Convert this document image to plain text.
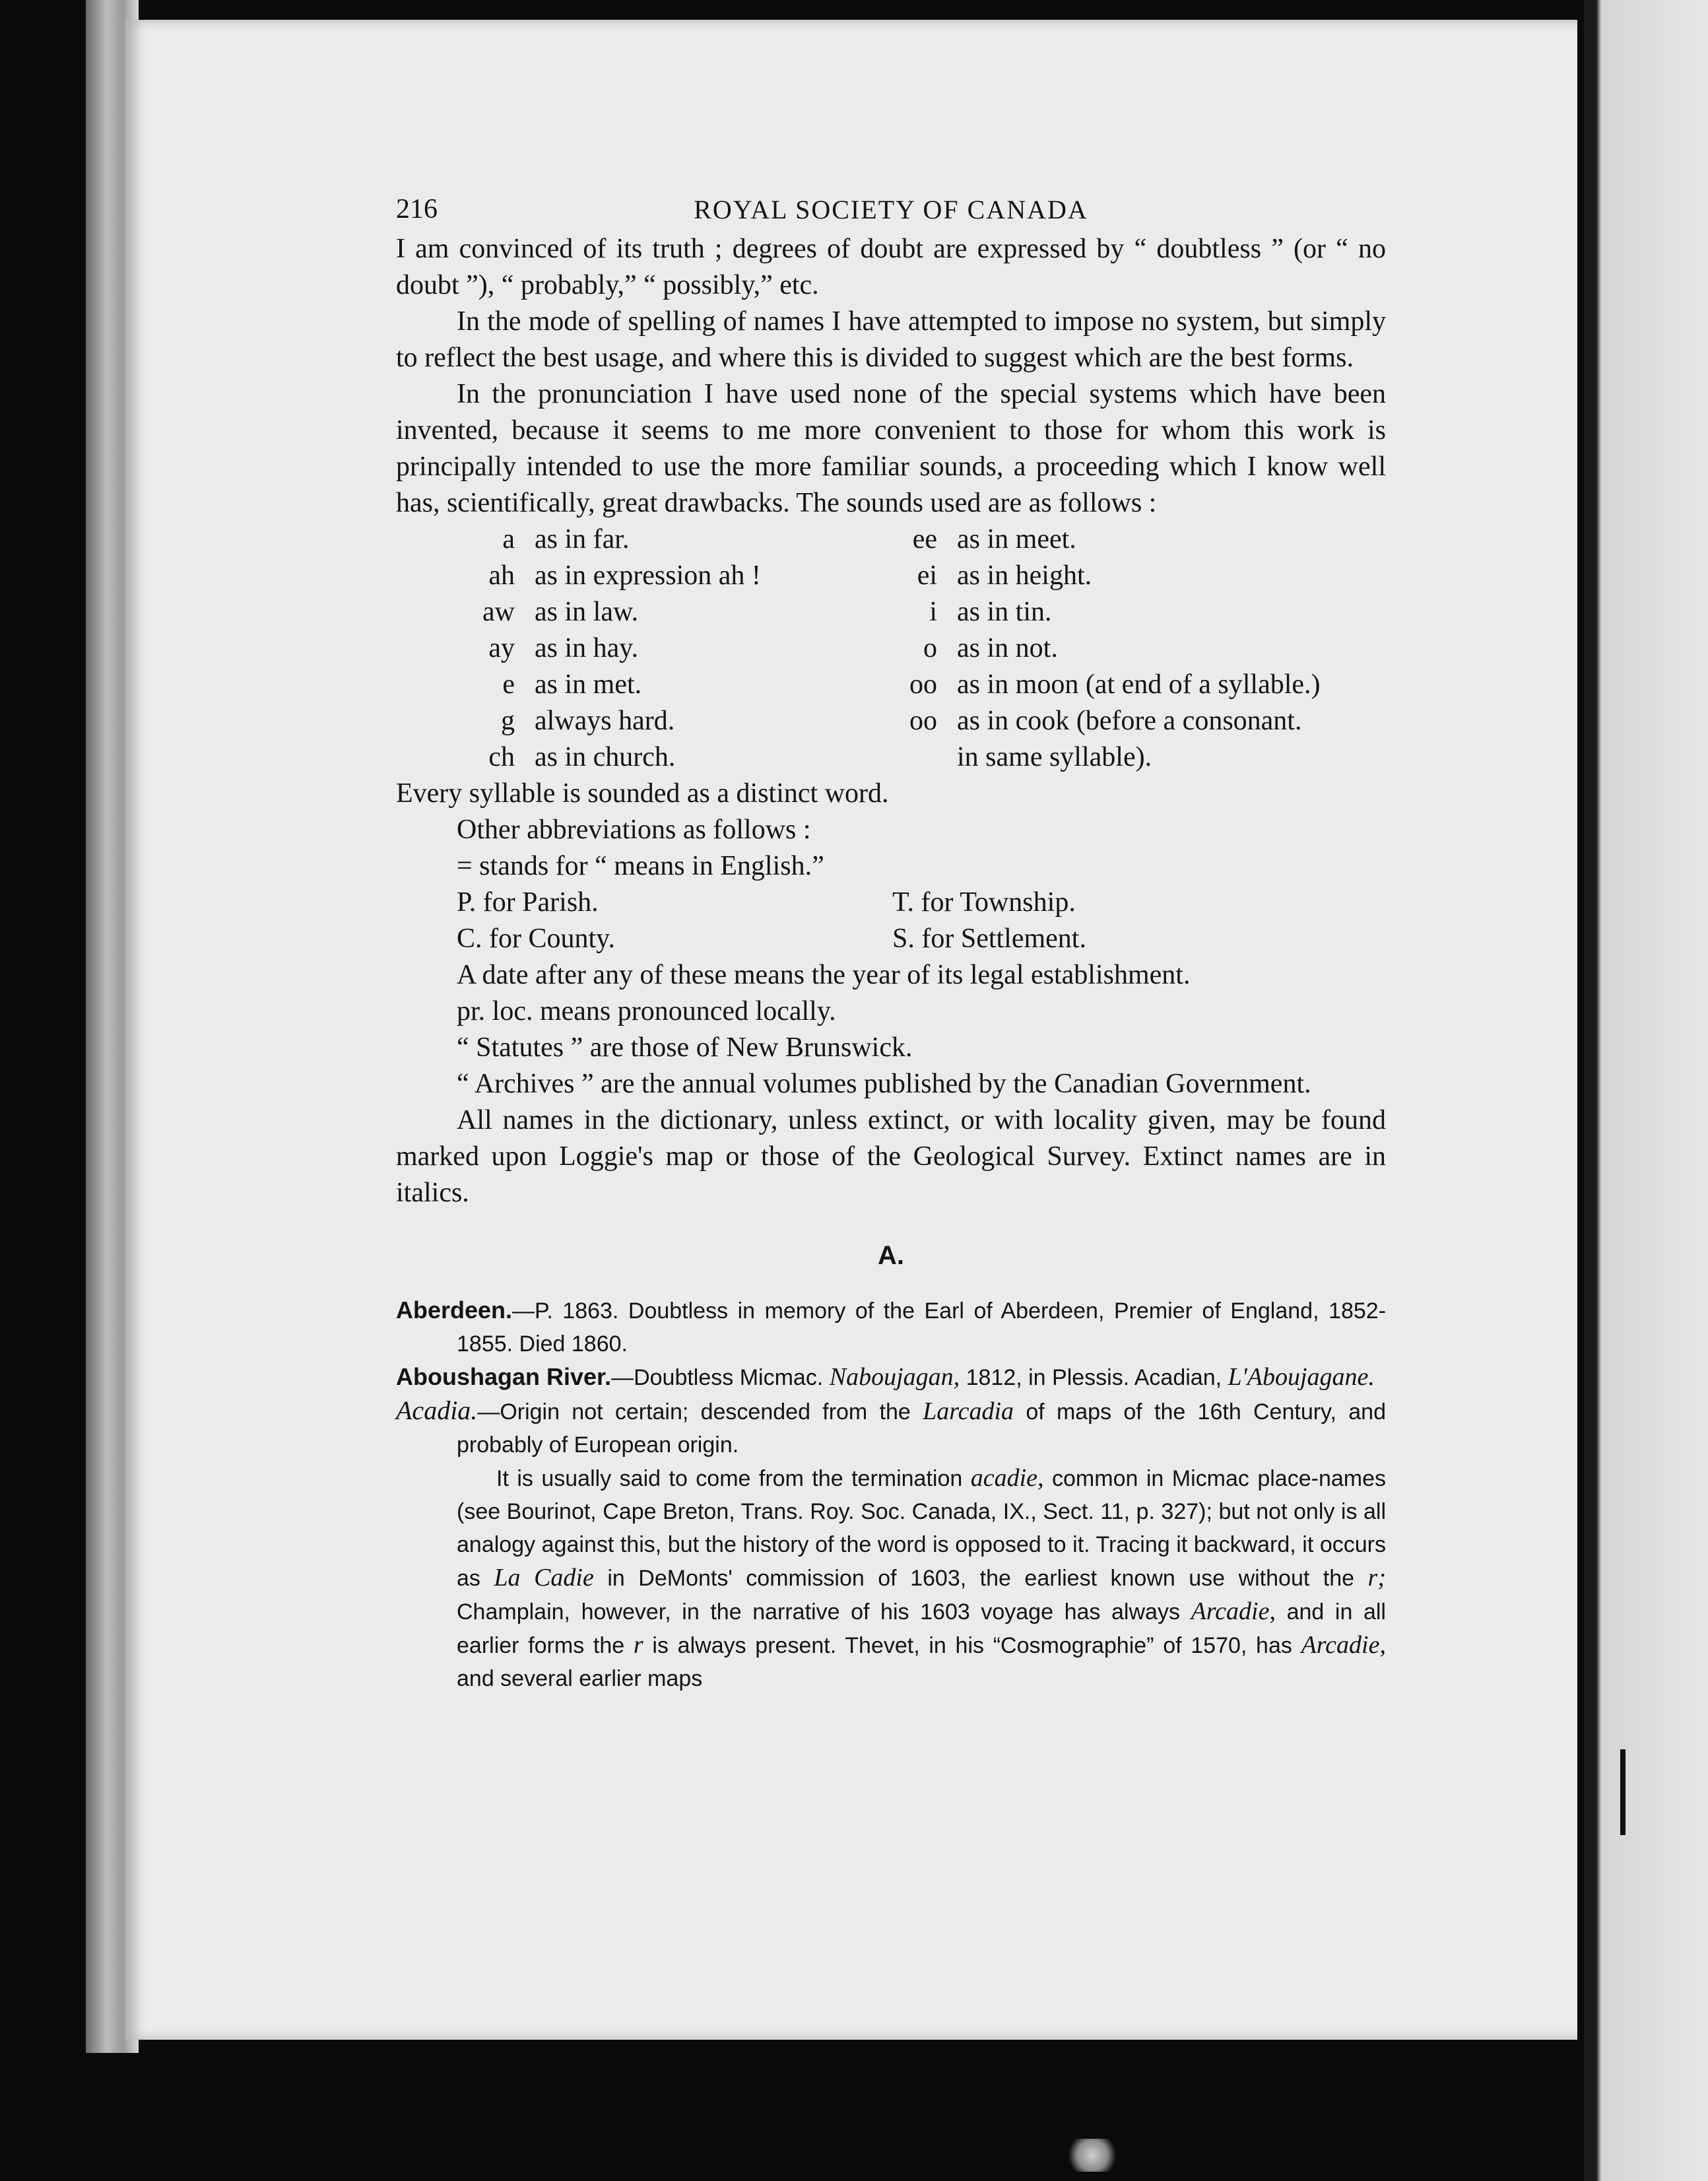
216	ROYAL SOCIETY OF CANADA

I am convinced of its truth ; degrees of doubt are expressed by “ doubtless ” (or “ no doubt ”), “ probably,” “ possibly,” etc.

In the mode of spelling of names I have attempted to impose no system, but simply to reflect the best usage, and where this is divided to suggest which are the best forms.

In the pronunciation I have used none of the special systems which have been invented, because it seems to me more convenient to those for whom this work is principally intended to use the more familiar sounds, a proceeding which I know well has, scientifically, great drawbacks. The sounds used are as follows :

a as in far.	ee as in meet.
ah as in expression ah !	ei as in height.
aw as in law.	i as in tin.
ay as in hay.	o as in not.
e as in met.	oo as in moon (at end of a syllable.)
g always hard.	oo as in cook (before a consonant.
ch as in church.	in same syllable).

Every syllable is sounded as a distinct word.

Other abbreviations as follows :
= stands for “ means in English.”
P. for Parish.	T. for Township.
C. for County.	S. for Settlement.
A date after any of these means the year of its legal establishment.
pr. loc. means pronounced locally.
“ Statutes ” are those of New Brunswick.

“ Archives ” are the annual volumes published by the Canadian Government.

All names in the dictionary, unless extinct, or with locality given, may be found marked upon Loggie's map or those of the Geological Survey. Extinct names are in italics.

A.

Aberdeen.—P. 1863. Doubtless in memory of the Earl of Aberdeen, Premier of England, 1852-1855. Died 1860.

Aboushagan River.—Doubtless Micmac. Naboujagan, 1812, in Plessis. Acadian, L'Aboujagane.

Acadia.—Origin not certain; descended from the Larcadia of maps of the 16th Century, and probably of European origin.

It is usually said to come from the termination acadie, common in Micmac place-names (see Bourinot, Cape Breton, Trans. Roy. Soc. Canada, IX., Sect. 11, p. 327); but not only is all analogy against this, but the history of the word is opposed to it. Tracing it backward, it occurs as La Cadie in DeMonts' commission of 1603, the earliest known use without the r; Champlain, however, in the narrative of his 1603 voyage has always Arcadie, and in all earlier forms the r is always present. Thevet, in his “Cosmographie” of 1570, has Arcadie, and several earlier maps
